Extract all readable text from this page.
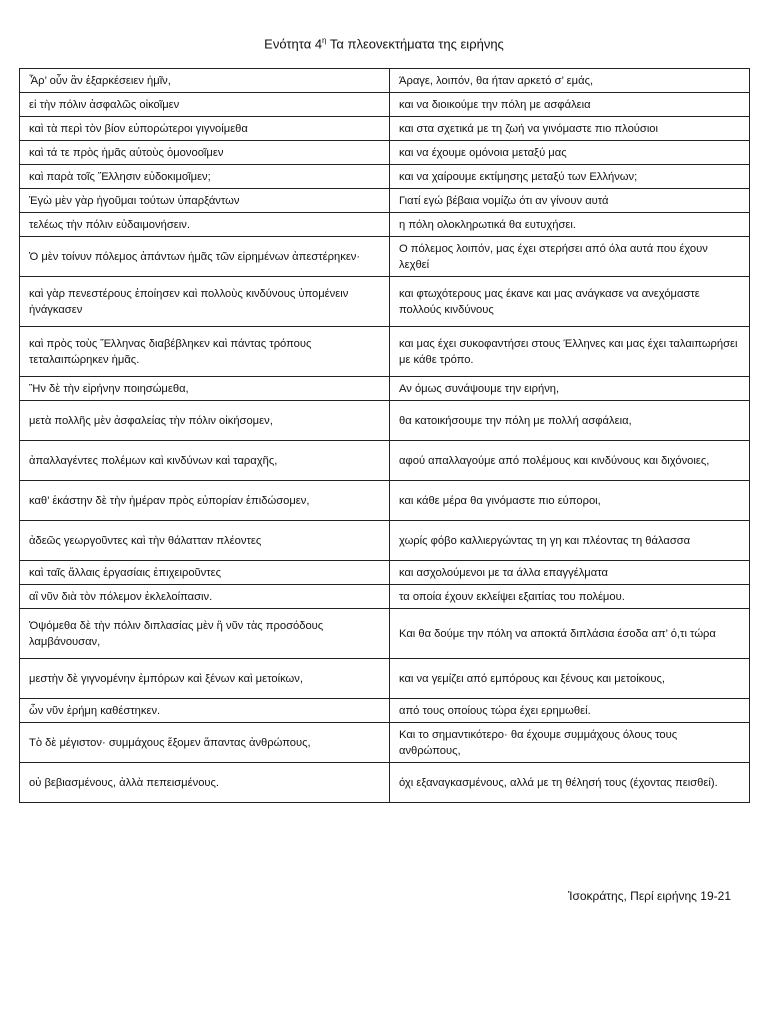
Ενότητα $4^\eta$ Τα πλεονεκτήματα της ειρήνης
Ἆρ’ οὖν ἂν ἐξαρκέσειεν ἡμῖν,	Άραγε, λοιπόν, θα ήταν αρκετό σ’ εμάς,
εἰ τὴν πόλιν ἀσφαλῶς οἰκοῖμεν	και να διοικούμε την πόλη με ασφάλεια
καὶ τὰ περὶ τὸν βίον εὐπορώτεροι γιγνοίμεθα	και στα σχετικά με τη ζωή να γινόμαστε πιο πλούσιοι
καὶ τά τε πρὸς ἡμᾶς αὐτοὺς ὁμονοοῖμεν	και να έχουμε ομόνοια μεταξύ μας
καὶ παρὰ τοῖς Ἕλλησιν εὐδοκιμοῖμεν;	και να χαίρουμε εκτίμησης μεταξύ των Ελλήνων;
Ἐγὼ μὲν γὰρ ἡγοῦμαι τούτων ὑπαρξάντων	Γιατί εγώ βέβαια νομίζω ότι αν γίνουν αυτά
τελέως τὴν πόλιν εὐδαιμονήσειν.	η πόλη ολοκληρωτικά θα ευτυχήσει.
Ὁ μὲν τοίνυν πόλεμος ἁπάντων ἡμᾶς τῶν εἰρημένων ἀπεστέρηκεν·	Ο πόλεμος λοιπόν, μας έχει στερήσει από όλα αυτά που έχουν λεχθεί
καὶ γὰρ πενεστέρους ἐποίησεν καὶ πολλοὺς κινδύνους ὑπομένειν ἠνάγκασεν	και φτωχότερους μας έκανε και μας ανάγκασε να ανεχόμαστε πολλούς κινδύνους
καὶ πρὸς τοὺς Ἕλληνας διαβέβληκεν καὶ πάντας τρόπους τεταλαιπώρηκεν ἡμᾶς.	και μας έχει συκοφαντήσει στους Έλληνες και μας έχει ταλαιπωρήσει με κάθε τρόπο.
Ἢν δὲ τὴν εἰρήνην ποιησώμεθα,	Αν όμως συνάψουμε την ειρήνη,
μετὰ πολλῆς μὲν ἀσφαλείας τὴν πόλιν οἰκήσομεν,	θα κατοικήσουμε την πόλη με πολλή ασφάλεια,
ἀπαλλαγέντες πολέμων καὶ κινδύνων καὶ ταραχῆς,	αφού απαλλαγούμε από πολέμους και κινδύνους και διχόνοιες,
καθ’ ἑκάστην δὲ τὴν ἡμέραν πρὸς εὐπορίαν ἐπιδώσομεν,	και κάθε μέρα θα γινόμαστε πιο εύποροι,
ἀδεῶς γεωργοῦντες καὶ τὴν θάλατταν πλέοντες	χωρίς φόβο καλλιεργώντας τη γη και πλέοντας τη θάλασσα
καὶ ταῖς ἄλλαις ἐργασίαις ἐπιχειροῦντες	και ασχολούμενοι με τα άλλα επαγγέλματα
αἳ νῦν διὰ τὸν πόλεμον ἐκλελοίπασιν.	τα οποία έχουν εκλείψει εξαιτίας του πολέμου.
Ὀψόμεθα δὲ τὴν πόλιν διπλασίας μὲν ἢ νῦν τὰς προσόδους λαμβάνουσαν,	Και θα δούμε την πόλη να αποκτά διπλάσια έσοδα απ’ ό,τι τώρα
μεστὴν δὲ γιγνομένην ἐμπόρων καὶ ξένων καὶ μετοίκων,	και να γεμίζει από εμπόρους και ξένους και μετοίκους,
ὧν νῦν ἐρήμη καθέστηκεν.	από τους οποίους τώρα έχει ερημωθεί.
Τὸ δὲ μέγιστον· συμμάχους ἕξομεν ἅπαντας ἀνθρώπους,	Και το σημαντικότερο· θα έχουμε συμμάχους όλους τους ανθρώπους,
οὐ βεβιασμένους, ἀλλὰ πεπεισμένους.	όχι εξαναγκασμένους, αλλά με τη θέλησή τους (έχοντας πεισθεί).
Ἰσοκράτης, Περί ειρήνης 19-21
